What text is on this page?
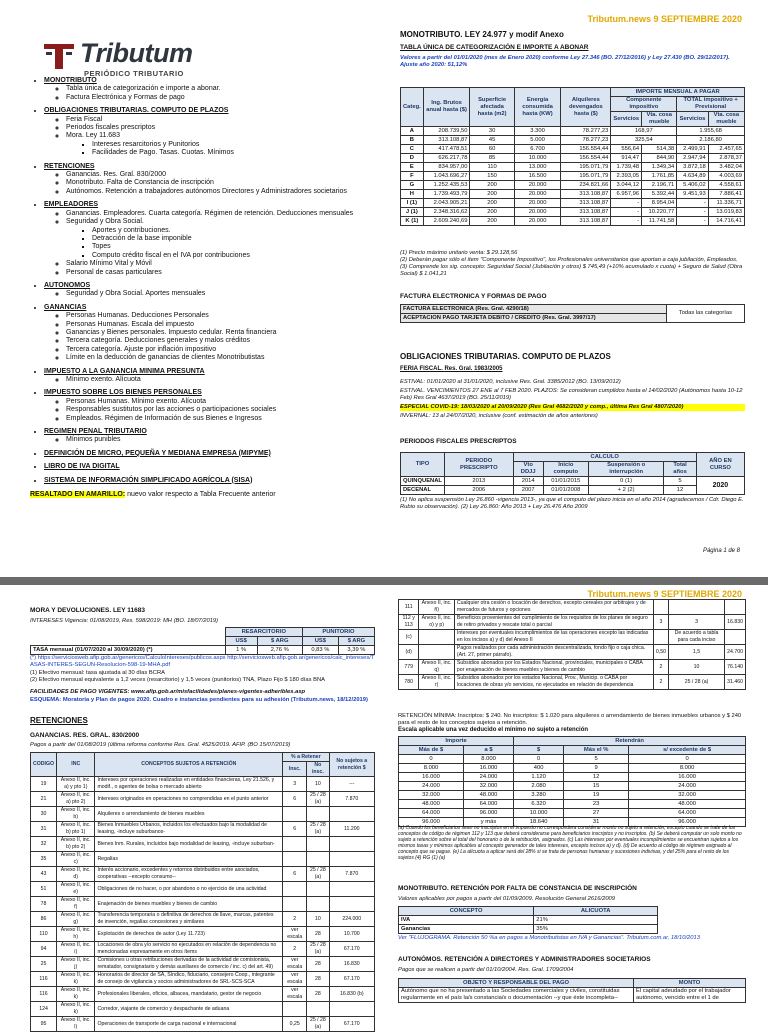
Tributum.news 9 SEPTIEMBRE 2020
Tributum
PERIÓDICO TRIBUTARIO
• MONOTRIBUTO
◦ Tabla única de categorización e importe a abonar.
◦ Factura Electrónica y Formas de pago
• OBLIGACIONES TRIBUTARIAS. COMPUTO DE PLAZOS
◦ Feria Fiscal
◦ Periodos fiscales prescriptos
◦ Mora. Ley 11.683
▪ Intereses resarcitorios y Punitorios
▪ Facilidades de Pago. Tasas. Cuotas. Mínimos
• RETENCIONES
◦ Ganancias. Res. Gral. 830/2000
◦ Monotributo. Falta de Constancia de inscripción
◦ Autónomos. Retención a trabajadores autónomos Directores y Administradores societarios
• EMPLEADORES
◦ Ganancias. Empleadores. Cuarta categoría. Régimen de retención. Deducciones mensuales
◦ Seguridad y Obra Social.
▪ Aportes y contribuciones.
▪ Detracción de la base imponible
▪ Topes
▪ Computo crédito fiscal en el IVA por contribuciones
◦ Salario Mínimo Vital y Móvil
◦ Personal de casas particulares
• AUTONOMOS
◦ Seguridad y Obra Social. Aportes mensuales
• GANANCIAS
◦ Personas Humanas. Deducciones Personales
◦ Personas Humanas. Escala del impuesto
◦ Ganancias y Bienes personales. Impuesto cedular. Renta financiera
◦ Tercera categoría. Deducciones generales y malos créditos
◦ Tercera categoría. Ajuste por inflación impositivo
◦ Límite en la deducción de ganancias de clientes Monotributistas
• IMPUESTO A LA GANANCIA MINIMA PRESUNTA
◦ Mínimo exento. Alícuota
• IMPUESTO SOBRE LOS BIENES PERSONALES
◦ Personas Humanas. Mínimo exento. Alícuota
◦ Responsables sustitutos por las acciones o participaciones sociales
◦ Empleados. Régimen de Información de sus Bienes e Ingresos
• REGIMEN PENAL TRIBUTARIO
◦ Mínimos punibles
• DEFINICIÓN DE MICRO, PEQUEÑA Y MEDIANA EMPRESA (MIPYME)
• LIBRO DE IVA DIGITAL
• SISTEMA DE INFORMACIÓN SIMPLIFICADO AGRÍCOLA (SISA)
RESALTADO EN AMARILLO: nuevo valor respecto a Tabla Frecuente anterior
MONOTRIBUTO. LEY 24.977 y modif Anexo
TABLA ÚNICA DE CATEGORIZACIÓN E IMPORTE A ABONAR
Valores a partir del 01/01/2020 (mes de Enero 2020) conforme Ley 27.346 (BO. 27/12/2016) y Ley 27.430 (BO. 29/12/2017). Ajuste año 2020: 51,12%
Categ.	Ing. Brutos anual hasta ($)	Superficie afectada hasta (m2)	Energía consumida hasta (KW)	Alquileres devengados hasta ($)	IMPORTE MENSUAL A PAGAR			
					Componente impositivo		TOTAL impositivo + Previsional	
					Servicios	Vta. cosa mueble	Servicios	Vta. cosa mueble
A	208.739,50	30	3.300	78.277,23	168,97		1.955,68	
B	313.108,87	45	5.000	78.277,23	325,54		2.186,80	
C	417.478,51	60	6.700	156.554,44	556,64	514,38	2.499,91	2.457,65
D	626.217,78	85	10.000	156.554,44	914,47	844,90	2.947,94	2.878,37
E	834.957,00	110	13.000	195.071,79	1.739,48	1.349,34	3.872,18	3.482,04
F	1.043.696,27	150	16.500	195.071,79	2.393,05	1.761,85	4.634,89	4.003,69
G	1.252.435,53	200	20.000	234.821,66	3.044,12	2.196,71	5.406,02	4.558,61
H	1.739.493,79	200	20.000	313.108,87	6.957,96	5.392,44	9.451,93	7.886,41
I (1)	2.043.905,21	200	20.000	313.108,87	-	8.954,04	-	11.336,71
J (1)	2.348.316,62	200	20.000	313.108,87	-	10.220,77	-	13.019,83
K (1)	2.609.240,69	200	20.000	313.108,87	-	11.741,58	-	14.716,41
(1) Precio máximo unitario venta: $ 29.128,56
(2) Deberán pagar sólo el ítem "Componente Impositivo", los Profesionales universitarios que aportan a caja jubilación, Empleados.
(3) Comprende los sig. concepto: Seguridad Social (Jubilación y otros) $ 745,49 (+10% acumulado x cuota) + Seguro de Salud (Obra Social) $ 1.041,21
FACTURA ELECTRONICA Y FORMAS DE PAGO
FACTURA ELECTRONICA (Res. Gral. 4290/18)	Todas las categorías
ACEPTACION PAGO TARJETA DEBITO / CREDITO (Res. Gral. 3997/17)
OBLIGACIONES TRIBUTARIAS. COMPUTO DE PLAZOS
FERIA FISCAL. Res. Gral. 1983/2005
ESTIVAL: 01/01/2020 al 31/01/2020, inclusive Res. Gral. 3385/2012 (BO. 13/09/2012)
ESTIVAL. VENCIMIENTOS 27 ENE al 7 FEB 2020. PLAZOS: Se consideran cumplidos hasta el 14/02/2020 (Autónomos hasta 10-12 Feb) Res Gral 4637/2019 (BO. 25/11/2019)
ESPECIAL COVID-19: 18/03/2020 al 20/09/2020 (Res Gral 4682/2020 y comp., última Res Gral 4807/2020)
INVERNAL: 13 al 24/07/2020, inclusive (conf. estimación de años anteriores)
PERIODOS FISCALES PRESCRIPTOS
TIPO	PERIODO PRESCRIPTO	CALCULO				AÑO EN CURSO
		Vto DDJJ	Inicio computo	Suspensión o interrupción	Total años	
QUINQUENAL	2013	2014	01/01/2015	0 (1)	5	2020
DECENAL	2006	2007	01/01/2008	+ 2 (2)	12	
(1) No aplica suspensión Ley 26.860 -vigencia 2013-, ya que el computo del plazo inicia en el año 2014 (agradecemos / Cdr. Diego E. Rubio su observación). (2) Ley 26.860: Año 2013 + Ley 26.476 Año 2009
Página 1 de 8
Tributum.news 9 SEPTIEMBRE 2020
MORA Y DEVOLUCIONES. LEY 11683
INTERESES Vigencia: 01/08/2019, Res. 598/2019: MH (BO. 18/07/2019)
	RESARCITORIO		PUNITORIO	
	US$	$ ARG	US$	$ ARG
TASA mensual (01/07/2020 al 30/09/2020) (*)	1 %	2,76 %	0,83 %	3,39 %
(*) https://serviciosweb.afip.gob.ar/genericos/CalculoIntereses/publicos.aspx http://serviciosweb.afip.gob.ar/genericos/calc_intereses/TASAS-INTERES-SEGUN-Resolucion-598-19-MHA.pdf
(1) Efectivo mensual: tasa ajustada al 30 días BCRA
(2) Efectivo mensual equivalente a 1,2 veces (resarcitorio) y 1,5 veces (punitorios) TNA, Plazo Fijo $ 180 días BNA
FACILIDADES DE PAGO VIGENTES: www.afip.gob.ar/misfacilidades/planes-vigentes-adheribles.asp
ESQUEMA: Moratoria y Plan de pagos 2020. Cuadro e instancias pendientes para su adhesión (Tributum.news, 18/12/2019)
RETENCIONES
GANANCIAS. RES. GRAL. 830/2000
Pagos a partir del 01/08/2019 (última reforma conforme Res. Gral. 4525/2019. AFIP. (BO 15/07/2019)
CODIGO	INC	CONCEPTOS SUJETOS A RETENCIÓN	% a Retener		No sujetos a retención $
			Insc.	No insc.	
19	Anexo II, inc. a) y pto 1)	Intereses por operaciones realizadas en entidades financieras, Ley 21.526, y modif., o agentes de bolsa o mercado abierto	3	10	---
21	Anexo II, inc. a) pto 2)	Intereses originados en operaciones no comprendidas en el punto anterior	6	25 / 28 (a)	7.870
30	Anexo II, inc. b)	Alquileres o arrendamiento de bienes muebles			
31	Anexo II, inc. b) pto 1)	Bienes Inmuebles Urbanos, incluidos los efectuados bajo la modalidad de leasing, -incluye suburbanos-	6	25 / 28 (a)	11.200
32	Anexo II, inc. b) pto 2)	Bienes Inm. Rurales, incluidos bajo modalidad de leasing, -incluye suburban-			
35	Anexo II, inc. c)	Regalías			
43	Anexo II, inc. d)	Interés accionario, excedentes y retornos distribuidos entre asociados, cooperativas --excepto consumo--	6	25 / 28 (a)	7.870
51	Anexo II, inc. e)	Obligaciones de no hacer, o por abandono o no ejercicio de una actividad			
78	Anexo II, inc. f)	Enajenación de bienes muebles y bienes de cambio			
86	Anexo II, inc. g)	Transferencia temporaria o definitiva de derechos de llave, marcas, patentes de invención, regalías concesiones y similares	2	10	224.000
110	Anexo II, inc. h)	Explotación de derechos de autor (Ley 11.723)	ver escala	28	10.700
94	Anexo II, inc. i)	Locaciones de obra y/o servicio no ejecutados en relación de dependencia no mencionadas expresamente en otros ítems	2	25 / 28 (a)	67.170
25	Anexo II, inc. j)	Comisiones u otras retribuciones derivadas de la actividad de comisionista, rematador, consignatario y demás auxiliares de comercio / inc. c) del art. 49)	ver escala	28	16.830
116	Anexo II, inc. k)	Honorarios de director de SA, Síndico, fiduciario, consejero Coop., integrante de consejo de vigilancia y socios administradores de SRL-SCS-SCA	ver escala	28	67.170
116	Anexo II, inc. k)	Profesionales liberales, oficios, albacea, mandatario, gestor de negocio	ver escala	28	16.830 (b)
124	Anexo II, inc. k)	Corredor, viajante de comercio y despachante de aduana			
95	Anexo II, inc. l)	Operaciones de transporte de carga nacional e internacional	0,25	25 / 28 (a)	67.170
111	Anexo II, inc. ñ)	Cualquier otra cesión o locación de derechos, excepto cereales por arbitrajes y de mercados de futuros y opciones			
112 y 113	Anexo II, inc. o) y p)	Beneficios provenientes del cumplimiento de los requisitos de los planes de seguro de retiro privados y rescate total o parcial	3	3	16.830
(c)		Intereses por eventuales incumplimientos de las operaciones excepto las indicadas en los incisos a) y d) del Anexo II		De acuerdo a tabla para cada inciso	
(d)		Pagos realizados por cada administración descentralizada, fondo fijo o caja chica. (Art. 27, primer párrafo).	0,50	1,5	24.700
779	Anexo II, inc. q)	Subsidios abonados por los Estados Nacional, provinciales, municipales o CABA por enajenación de bienes muebles y bienes de cambio	2	10	76.140
780	Anexo II, inc. r)	Subsidios abonados por los estados Nacional, Prov., Municip. o CABA por locaciones de obras y/o servicios, no ejecutados en relación de dependencia	2	25 / 28 (a)	31.460
RETENCIÓN MÍNIMA: Inscriptos: $ 240. No inscriptos: $ 1.020 para alquileres o arrendamiento de bienes inmuebles urbanos y $ 240 para el resto de los conceptos sujetos a retención.
Escala aplicable una vez deducido el mínimo no sujeto a retención
Importe		Retendrán		
Más de $	a $	$	Más el %	s/ excedente de $
0	8.000	0	5	0
8.000	16.000	400	9	8.000
16.000	24.000	1.120	12	16.000
24.000	32.000	2.080	15	24.000
32.000	48.000	3.280	19	32.000
48.000	64.000	6.320	23	48.000
64.000	96.000	10.000	27	64.000
96.000	y más	18.640	31	96.000
(a) Cuando los beneficiarios sean no inscriptos en el impuesto no correspondera considerar monto no sujeto a retención, excepto cuando se trate de los conceptos de código de régimen 112 y 113 que deberá considerarse para beneficiarios inscriptos y no inscriptos. (b) Se deberá computar un solo monto no sujeto a retención sobre el total del honorario o de la retribución, asignados. (c) Las intereses por eventuales incumplimientos se encuentran sujetos a los mismos tasas y mínimos aplicables al concepto generador de tales intereses, excepto incisos a) y d). (d) De acuerdo al código de régimen asignado al concepto que se pague. (e) La alícuota a aplicar será del 28% si se trata de personas humanas y sucesiones indivisas, y del 25% para el resto de los sujetos (4) RG (1) (a)
MONOTRIBUTO. RETENCIÓN POR FALTA DE CONSTANCIA DE INSCRIPCIÓN
Valores aplicables por pagos a partir del 01/09/2009. Resolución General 2616/2009
CONCEPTO	ALICUOTA
IVA	21%
Ganancias	35%
Ver "FLUJOGRAMA. Retención 50 %a en pagos a Monotributistas en IVA y Ganancias". Tributum.com.ar, 18/10/2013
AUTONÓMOS. RETENCIÓN A DIRECTORES Y ADMINISTRADORES SOCIETARIOS
Pagos que se realicen a partir del 01/10/2004. Res. Gral. 1709/2004
OBJETO Y RESPONSABLE DEL PAGO	MONTO
Autónomo que no ha presentado a las Sociedades comerciales y civiles, constituidas regularmente en el país la/s constancia/s o documentación --y que éste incompleta--	El capital adeudado por el trabajador autónomo, vencido entre el 1 de
